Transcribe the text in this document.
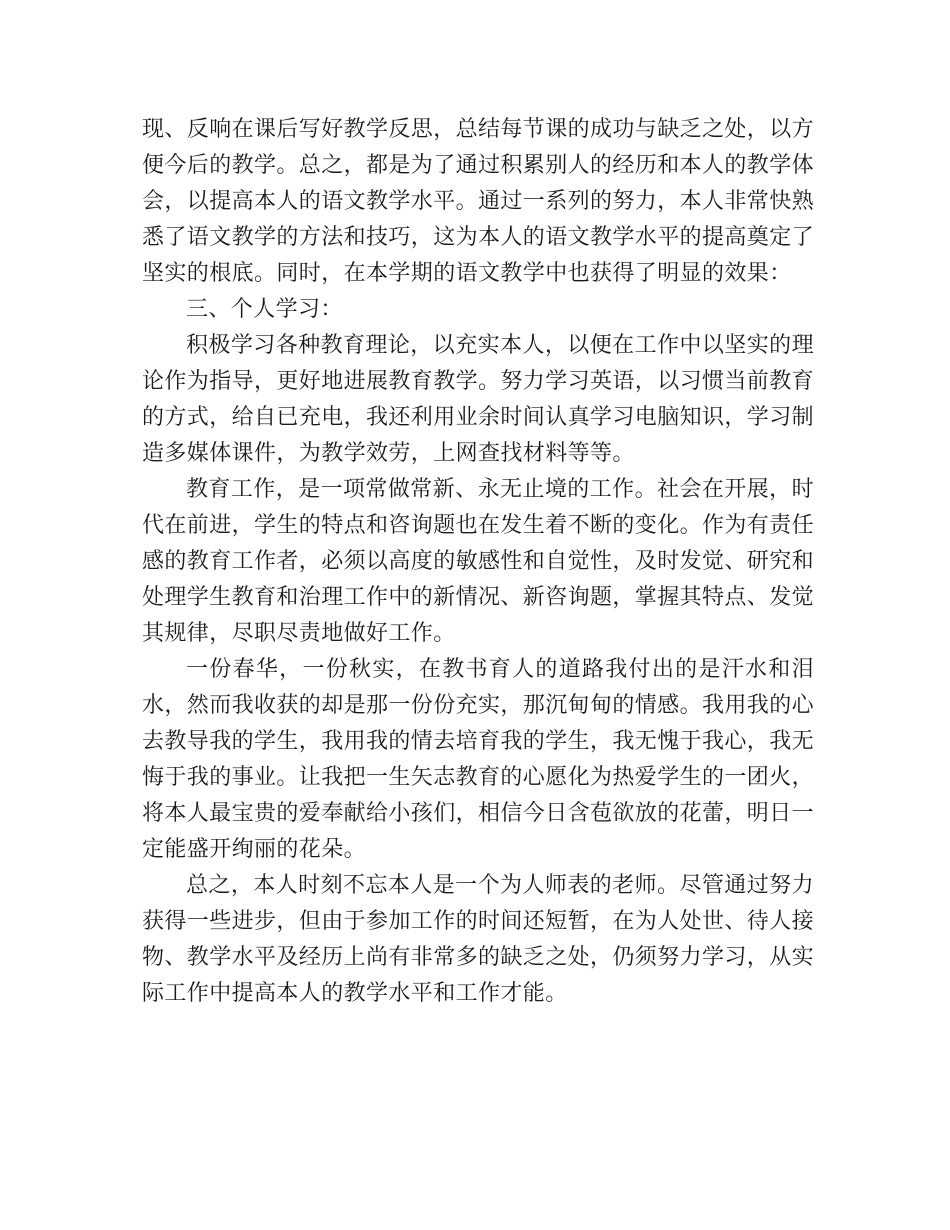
现、反响在课后写好教学反思，总结每节课的成功与缺乏之处，以方便今后的教学。总之，都是为了通过积累别人的经历和本人的教学体会，以提高本人的语文教学水平。通过一系列的努力，本人非常快熟悉了语文教学的方法和技巧，这为本人的语文教学水平的提高奠定了坚实的根底。同时，在本学期的语文教学中也获得了明显的效果：

三、个人学习：

积极学习各种教育理论，以充实本人，以便在工作中以坚实的理论作为指导，更好地进展教育教学。努力学习英语，以习惯当前教育的方式，给自已充电，我还利用业余时间认真学习电脑知识，学习制造多媒体课件，为教学效劳，上网查找材料等等。

教育工作，是一项常做常新、永无止境的工作。社会在开展，时代在前进，学生的特点和咨询题也在发生着不断的变化。作为有责任感的教育工作者，必须以高度的敏感性和自觉性，及时发觉、研究和处理学生教育和治理工作中的新情况、新咨询题，掌握其特点、发觉其规律，尽职尽责地做好工作。

一份春华，一份秋实，在教书育人的道路我付出的是汗水和泪水，然而我收获的却是那一份份充实，那沉甸甸的情感。我用我的心去教导我的学生，我用我的情去培育我的学生，我无愧于我心，我无悔于我的事业。让我把一生矢志教育的心愿化为热爱学生的一团火，将本人最宝贵的爱奉献给小孩们，相信今日含苞欲放的花蕾，明日一定能盛开绚丽的花朵。

总之，本人时刻不忘本人是一个为人师表的老师。尽管通过努力获得一些进步，但由于参加工作的时间还短暂，在为人处世、待人接物、教学水平及经历上尚有非常多的缺乏之处，仍须努力学习，从实际工作中提高本人的教学水平和工作才能。
